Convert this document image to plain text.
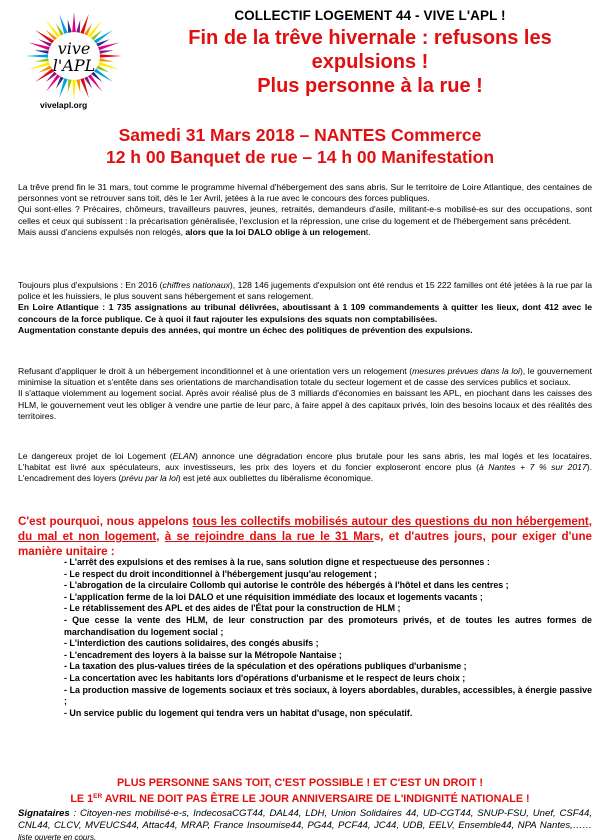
vive
l'APL
vivelapl.org
COLLECTIF LOGEMENT 44 - VIVE L'APL !
Fin de la trêve hivernale : refusons les
expulsions !
Plus personne à la rue !
Samedi 31 Mars 2018 – NANTES Commerce
12 h 00 Banquet de rue – 14 h 00 Manifestation

La trêve prend fin le 31 mars, tout comme le programme hivernal d'hébergement des sans abris. Sur le territoire de Loire Atlantique, des centaines de personnes vont se retrouver sans toit, dès le 1er Avril, jetées à la rue avec le concours des forces publiques.

Qui sont-elles ? Précaires, chômeurs, travailleurs pauvres, jeunes, retraités, demandeurs d'asile, militant-e-s mobilisé-es sur des occupations, sont celles et ceux qui subissent : la précarisation généralisée, l'exclusion et la répression, une crise du logement et de l'hébergement sans précédent.

Mais aussi d'anciens expulsés non relogés, alors que la loi DALO oblige à un relogement.

Toujours plus d'expulsions : En 2016 (chiffres nationaux), 128 146 jugements d'expulsion ont été rendus et 15 222 familles ont été jetées à la rue par la police et les huissiers, le plus souvent sans hébergement et sans relogement.

En Loire Atlantique : 1 735 assignations au tribunal délivrées, aboutissant à 1 109 commandements à quitter les lieux, dont 412 avec le concours de la force publique. Ce à quoi il faut rajouter les expulsions des squats non comptabilisées.

Augmentation constante depuis des années, qui montre un échec des politiques de prévention des expulsions.

Refusant d'appliquer le droit à un hébergement inconditionnel et à une orientation vers un relogement (mesures prévues dans la loi), le gouvernement minimise la situation et s'entête dans ses orientations de marchandisation totale du secteur logement et de casse des services publics et sociaux.

Il s'attaque violemment au logement social. Après avoir réalisé plus de 3 milliards d'économies en baissant les APL, en piochant dans les caisses des HLM, le gouvernement veut les obliger à vendre une partie de leur parc, à faire appel à des capitaux privés, loin des besoins locaux et des réalités des territoires.

Le dangereux projet de loi Logement (ELAN) annonce une dégradation encore plus brutale pour les sans abris, les mal logés et les locataires. L'habitat est livré aux spéculateurs, aux investisseurs, les prix des loyers et du foncier exploseront encore plus (à Nantes + 7 % sur 2017). L'encadrement des loyers (prévu par la loi) est jeté aux oubliettes du libéralisme économique.

C'est pourquoi, nous appelons tous les collectifs mobilisés autour des questions du non hébergement, du mal et non logement, à se rejoindre dans la rue le 31 Mars, et d'autres jours, pour exiger d'une manière unitaire :
- L'arrêt des expulsions et des remises à la rue, sans solution digne et respectueuse des personnes :
- Le respect du droit inconditionnel à l'hébergement jusqu'au relogement ;
- L'abrogation de la circulaire Collomb qui autorise le contrôle des hébergés à l'hôtel et dans les centres ;
- L'application ferme de la loi DALO et une réquisition immédiate des locaux et logements vacants ;
- Le rétablissement des APL et des aides de l'État pour la construction de HLM ;
- Que cesse la vente des HLM, de leur construction par des promoteurs privés, et de toutes les autres formes de marchandisation du logement social ;
- L'interdiction des cautions solidaires, des congés abusifs ;
- L'encadrement des loyers à la baisse sur la Métropole Nantaise ;
- La taxation des plus-values tirées de la spéculation et des opérations publiques d'urbanisme ;
- La concertation avec les habitants lors d'opérations d'urbanisme et le respect de leurs choix ;
- La production massive de logements sociaux et très sociaux, à loyers abordables, durables, accessibles, à énergie passive ;
- Un service public du logement qui tendra vers un habitat d'usage, non spéculatif.
PLUS PERSONNE SANS TOIT, C'EST POSSIBLE ! ET C'EST UN DROIT !
LE 1ER AVRIL NE DOIT PAS ÊTRE LE JOUR ANNIVERSAIRE DE L'INDIGNITÉ NATIONALE !
Signataires : Citoyen-nes mobilisé-e-s, IndecosaCGT44, DAL44, LDH, Union Solidaires 44, UD-CGT44, SNUP-FSU, Unef, CSF44, CNL44, CLCV, MVEUCS44, Attac44, MRAP, France Insoumise44, PG44, PCF44, JC44, UDB, EELV, Ensemble44, NPA Nantes,…… liste ouverte en cours.
